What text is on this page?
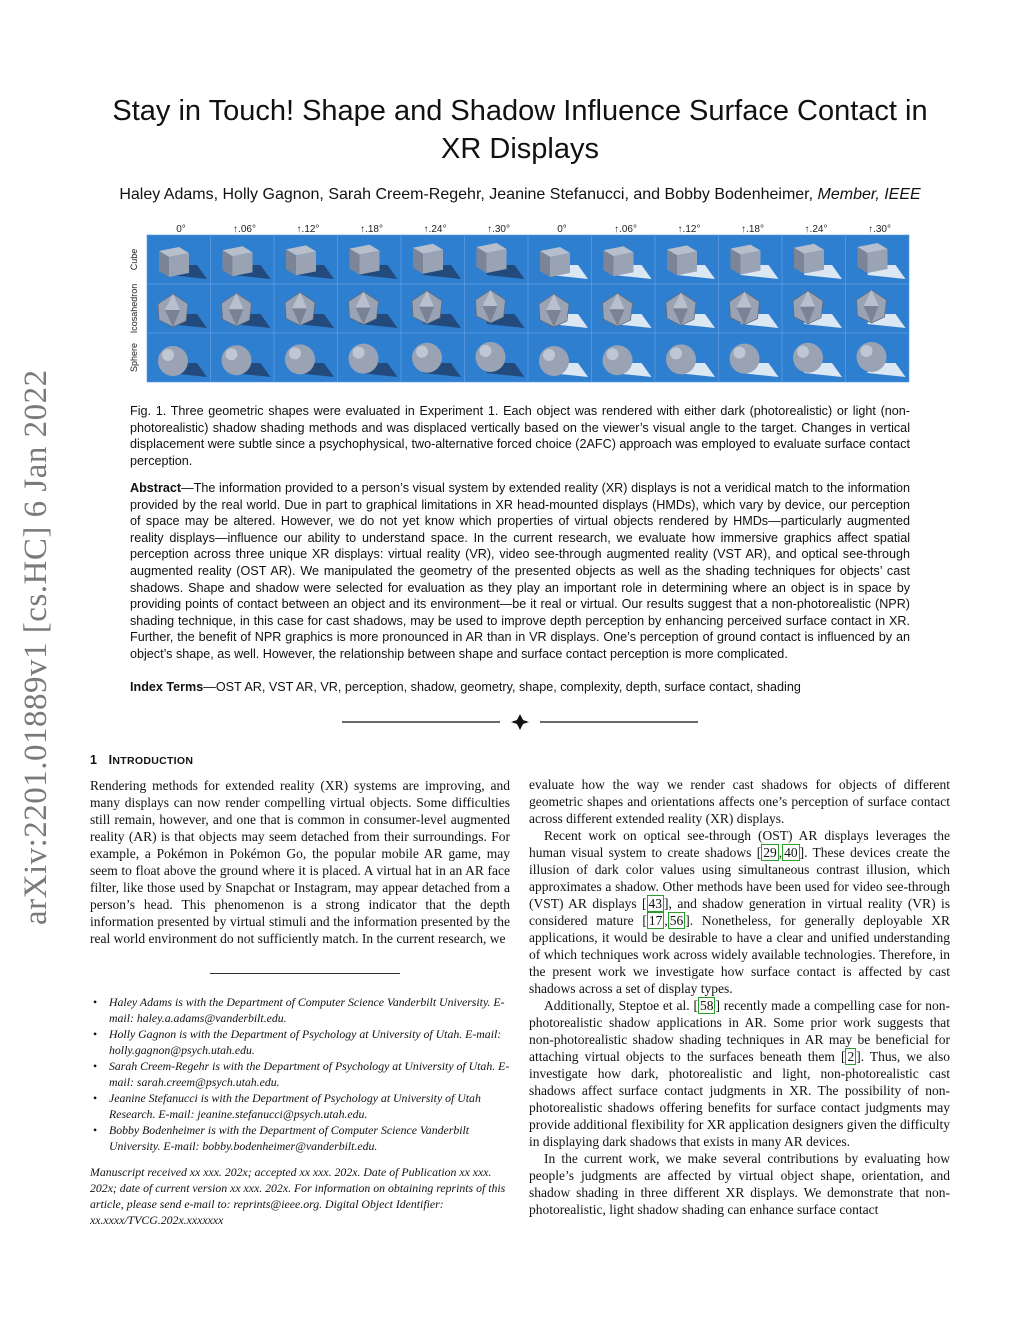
arXiv:2201.01889v1 [cs.HC] 6 Jan 2022
Stay in Touch! Shape and Shadow Influence Surface Contact in XR Displays
Haley Adams, Holly Gagnon, Sarah Creem-Regehr, Jeanine Stefanucci, and Bobby Bodenheimer, Member, IEEE
0°	↑.06°	↑.12°	↑.18°	↑.24°	↑.30°	0°	↑.06°	↑.12°	↑.18°	↑.24°	↑.30°
Cube
Icosahedron
Sphere
Fig. 1. Three geometric shapes were evaluated in Experiment 1. Each object was rendered with either dark (photorealistic) or light (non-photorealistic) shadow shading methods and was displaced vertically based on the viewer’s visual angle to the target. Changes in vertical displacement were subtle since a psychophysical, two-alternative forced choice (2AFC) approach was employed to evaluate surface contact perception.
Abstract—The information provided to a person’s visual system by extended reality (XR) displays is not a veridical match to the information provided by the real world. Due in part to graphical limitations in XR head-mounted displays (HMDs), which vary by device, our perception of space may be altered. However, we do not yet know which properties of virtual objects rendered by HMDs—particularly augmented reality displays—influence our ability to understand space. In the current research, we evaluate how immersive graphics affect spatial perception across three unique XR displays: virtual reality (VR), video see-through augmented reality (VST AR), and optical see-through augmented reality (OST AR). We manipulated the geometry of the presented objects as well as the shading techniques for objects’ cast shadows. Shape and shadow were selected for evaluation as they play an important role in determining where an object is in space by providing points of contact between an object and its environment—be it real or virtual. Our results suggest that a non-photorealistic (NPR) shading technique, in this case for cast shadows, may be used to improve depth perception by enhancing perceived surface contact in XR. Further, the benefit of NPR graphics is more pronounced in AR than in VR displays. One’s perception of ground contact is influenced by an object’s shape, as well. However, the relationship between shape and surface contact perception is more complicated.
Index Terms—OST AR, VST AR, VR, perception, shadow, geometry, shape, complexity, depth, surface contact, shading
1 INTRODUCTION

Rendering methods for extended reality (XR) systems are improving, and many displays can now render compelling virtual objects. Some difficulties still remain, however, and one that is common in consumer-level augmented reality (AR) is that objects may seem detached from their surroundings. For example, a Pokémon in Pokémon Go, the popular mobile AR game, may seem to float above the ground where it is placed. A virtual hat in an AR face filter, like those used by Snapchat or Instagram, may appear detached from a person’s head. This phenomenon is a strong indicator that the depth information presented by virtual stimuli and the information presented by the real world environment do not sufficiently match. In the current research, we

• Haley Adams is with the Department of Computer Science Vanderbilt University. E-mail: haley.a.adams@vanderbilt.edu.
• Holly Gagnon is with the Department of Psychology at University of Utah. E-mail: holly.gagnon@psych.utah.edu.
• Sarah Creem-Regehr is with the Department of Psychology at University of Utah. E-mail: sarah.creem@psych.utah.edu.
• Jeanine Stefanucci is with the Department of Psychology at University of Utah Research. E-mail: jeanine.stefanucci@psych.utah.edu.
• Bobby Bodenheimer is with the Department of Computer Science Vanderbilt University. E-mail: bobby.bodenheimer@vanderbilt.edu.
Manuscript received xx xxx. 202x; accepted xx xxx. 202x. Date of Publication xx xxx. 202x; date of current version xx xxx. 202x. For information on obtaining reprints of this article, please send e-mail to: reprints@ieee.org. Digital Object Identifier: xx.xxxx/TVCG.202x.xxxxxxx

evaluate how the way we render cast shadows for objects of different geometric shapes and orientations affects one’s perception of surface contact across different extended reality (XR) displays.

Recent work on optical see-through (OST) AR displays leverages the human visual system to create shadows [ 29 , 40 ]. These devices create the illusion of dark color values using simultaneous contrast illusion, which approximates a shadow. Other methods have been used for video see-through (VST) AR displays [ 43 ], and shadow generation in virtual reality (VR) is considered mature [ 17 , 56 ]. Nonetheless, for generally deployable XR applications, it would be desirable to have a clear and unified understanding of which techniques work across widely available technologies. Therefore, in the present work we investigate how surface contact is affected by cast shadows across a set of display types.

Additionally, Steptoe et al. [ 58 ] recently made a compelling case for non-photorealistic shadow applications in AR. Some prior work suggests that non-photorealistic shadow shading techniques in AR may be beneficial for attaching virtual objects to the surfaces beneath them [ 2 ]. Thus, we also investigate how dark, photorealistic and light, non-photorealistic cast shadows affect surface contact judgments in XR. The possibility of non-photorealistic shadows offering benefits for surface contact judgments may provide additional flexibility for XR application designers given the difficulty in displaying dark shadows that exists in many AR devices.

In the current work, we make several contributions by evaluating how people’s judgments are affected by virtual object shape, orientation, and shadow shading in three different XR displays. We demonstrate that non-photorealistic, light shadow shading can enhance surface contact
